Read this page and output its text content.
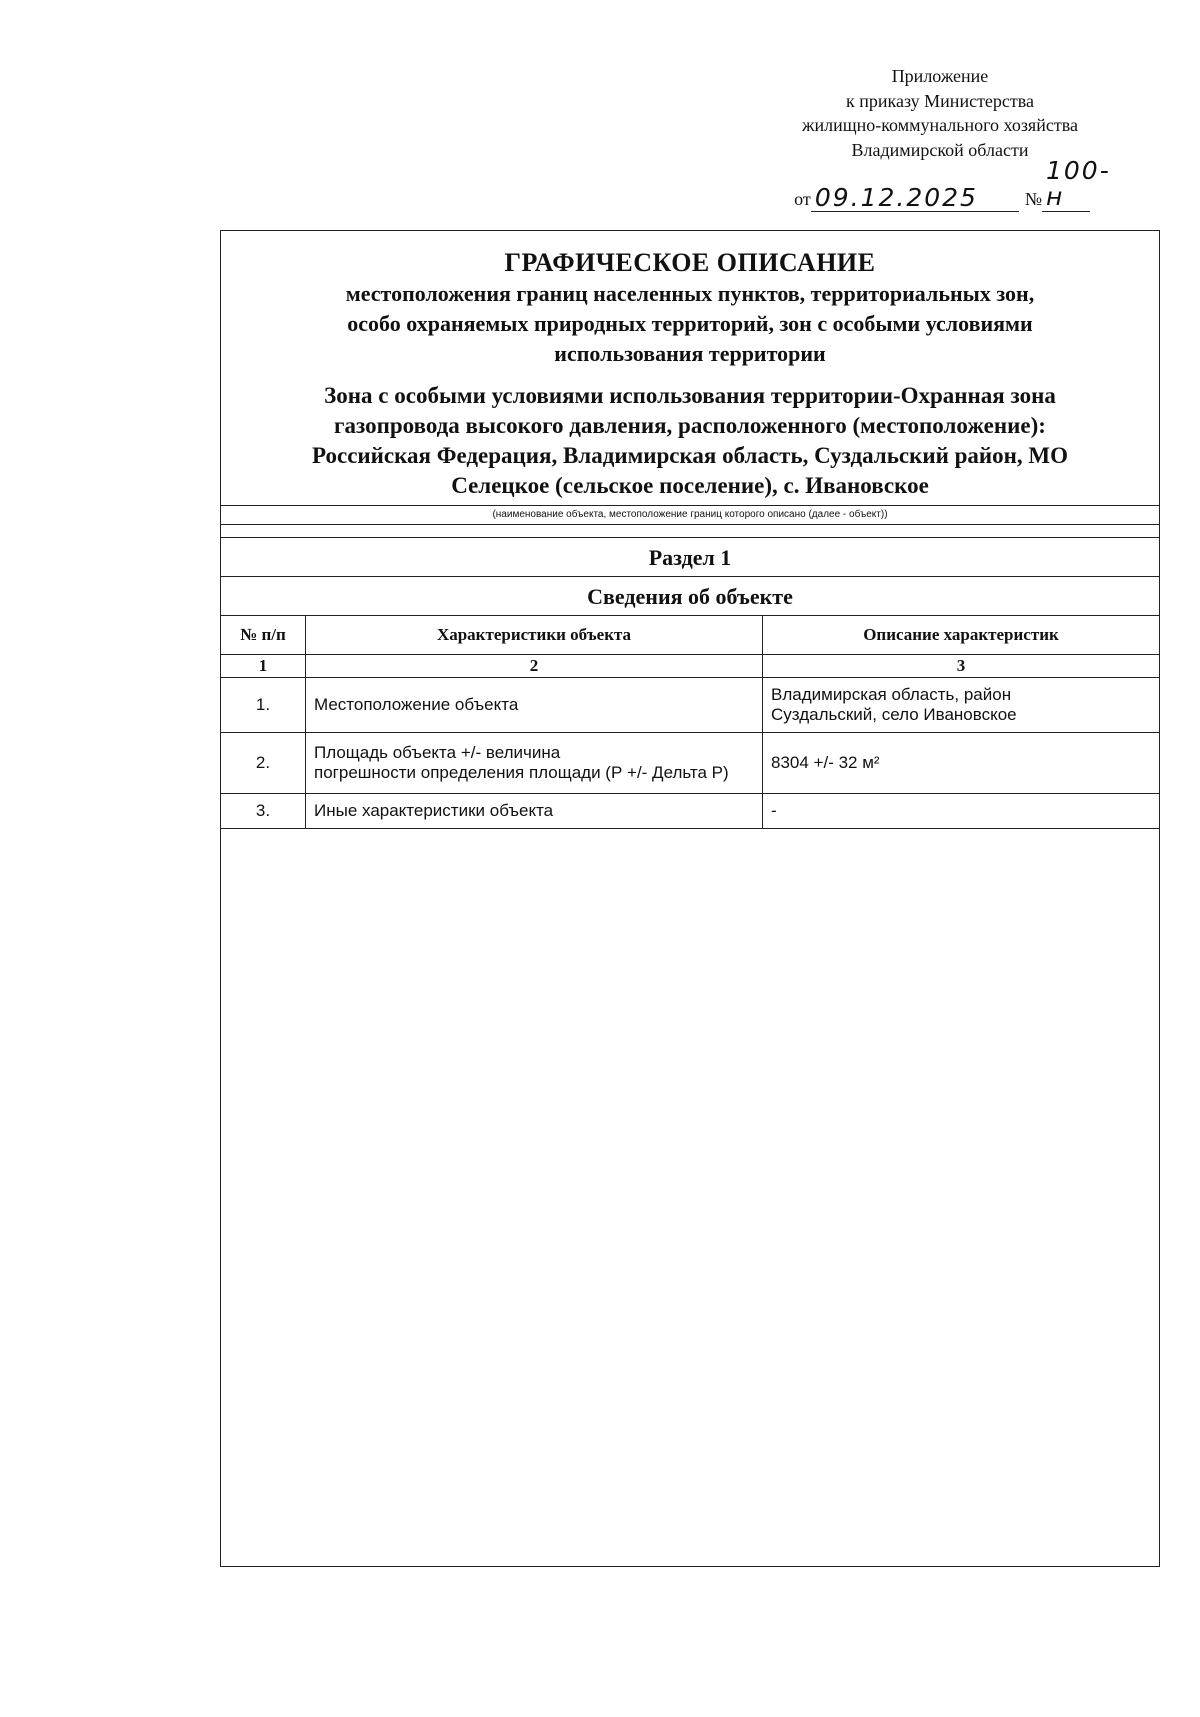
Приложение
к приказу Министерства
жилищно-коммунального хозяйства
Владимирской области
от 09.12.2025	№
100-н
ГРАФИЧЕСКОЕ ОПИСАНИЕ
местоположения границ населенных пунктов, территориальных зон,
особо охраняемых природных территорий, зон с особыми условиями
использования территории
Зона с особыми условиями использования территории-Охранная зона
газопровода высокого давления, расположенного (местоположение):
Российская Федерация, Владимирская область, Суздальский район, МО
Селецкое (сельское поселение), с. Ивановское
(наименование объекта, местоположение границ которого описано (далее - объект))
Раздел 1
Сведения об объекте
№ п/п	Характеристики объекта	Описание характеристик
1	2	3
1.	Местоположение объекта	Владимирская область, район
Суздальский, село Ивановское

2.	Площадь объекта +/- величина
погрешности определения площади (Р +/- Дельта Р)	8304 +/- 32 м²
3.	Иные характеристики объекта	-
